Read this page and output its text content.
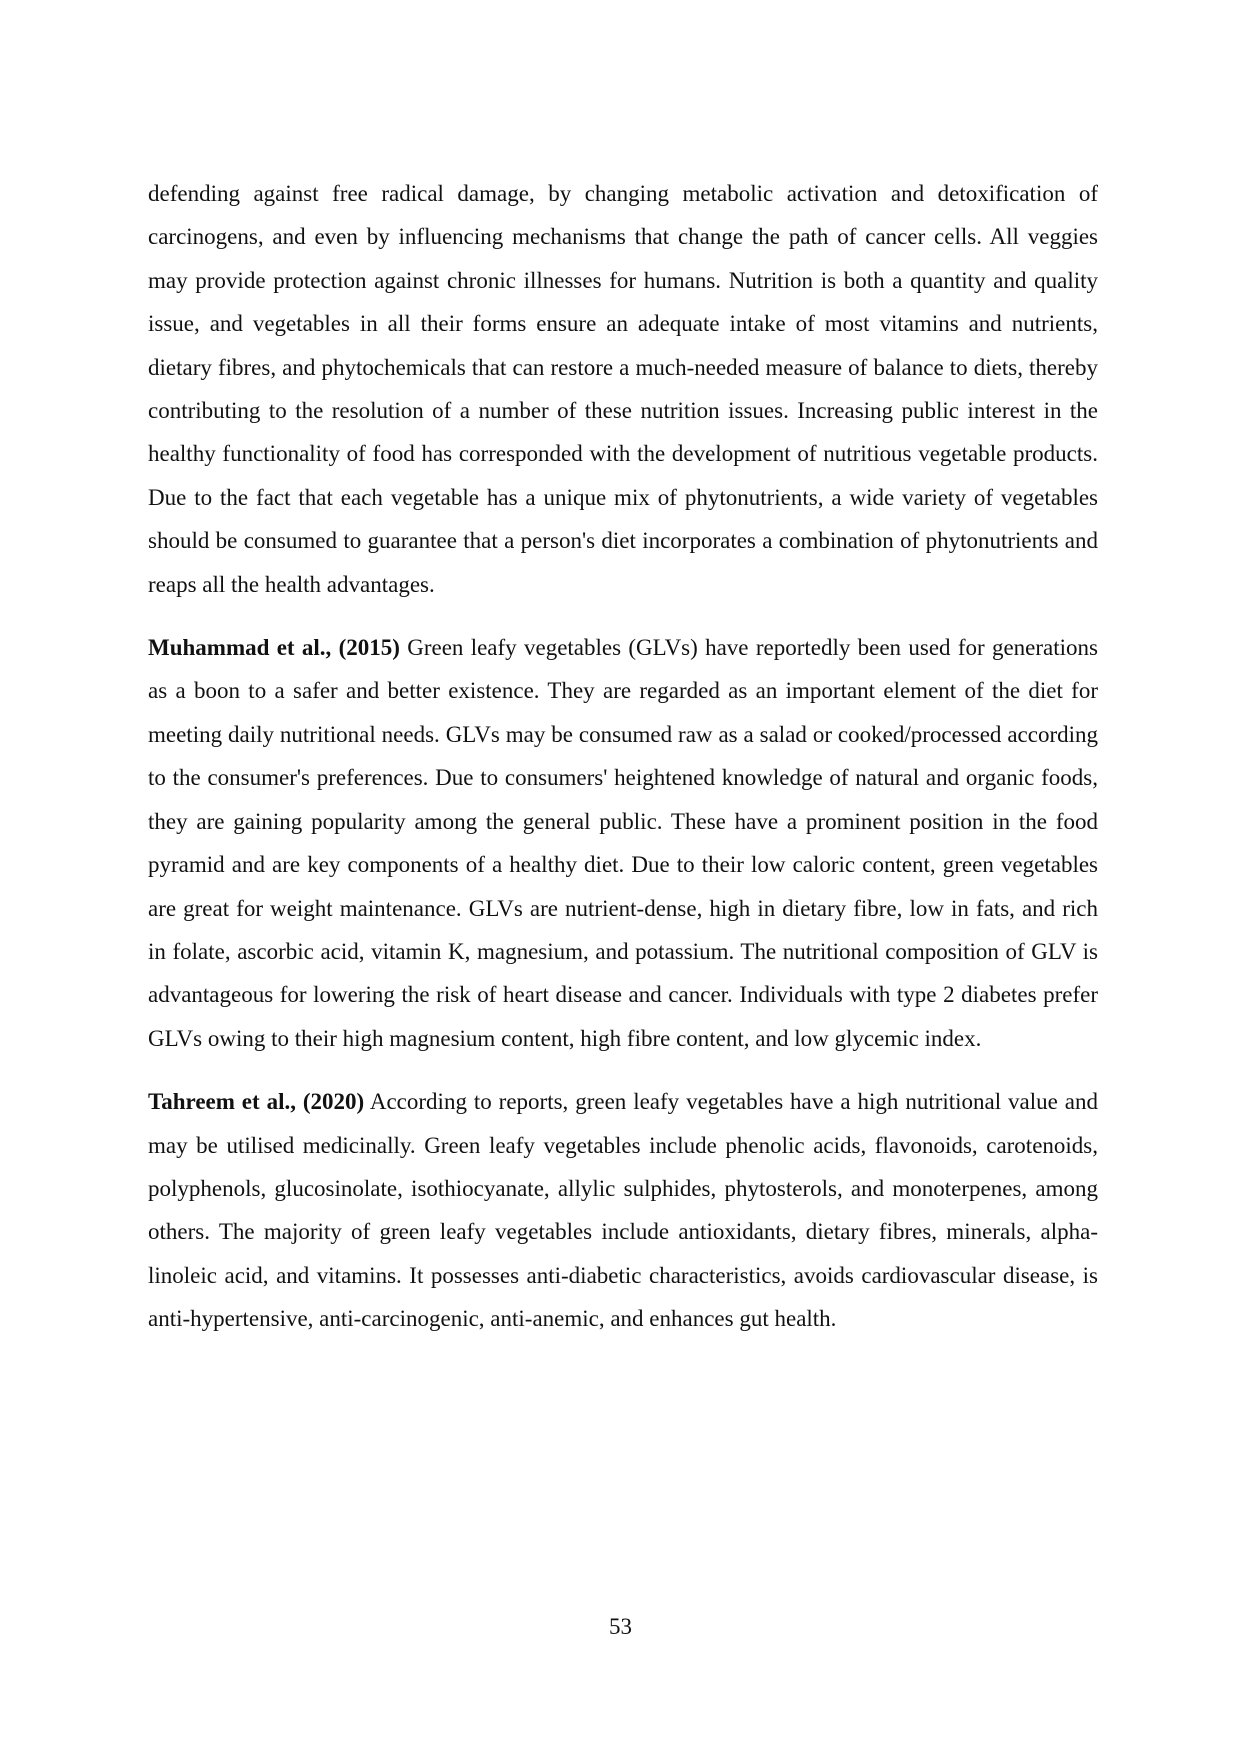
defending against free radical damage, by changing metabolic activation and detoxification of carcinogens, and even by influencing mechanisms that change the path of cancer cells. All veggies may provide protection against chronic illnesses for humans. Nutrition is both a quantity and quality issue, and vegetables in all their forms ensure an adequate intake of most vitamins and nutrients, dietary fibres, and phytochemicals that can restore a much-needed measure of balance to diets, thereby contributing to the resolution of a number of these nutrition issues. Increasing public interest in the healthy functionality of food has corresponded with the development of nutritious vegetable products. Due to the fact that each vegetable has a unique mix of phytonutrients, a wide variety of vegetables should be consumed to guarantee that a person's diet incorporates a combination of phytonutrients and reaps all the health advantages.

Muhammad et al., (2015) Green leafy vegetables (GLVs) have reportedly been used for generations as a boon to a safer and better existence. They are regarded as an important element of the diet for meeting daily nutritional needs. GLVs may be consumed raw as a salad or cooked/processed according to the consumer's preferences. Due to consumers' heightened knowledge of natural and organic foods, they are gaining popularity among the general public. These have a prominent position in the food pyramid and are key components of a healthy diet. Due to their low caloric content, green vegetables are great for weight maintenance. GLVs are nutrient-dense, high in dietary fibre, low in fats, and rich in folate, ascorbic acid, vitamin K, magnesium, and potassium. The nutritional composition of GLV is advantageous for lowering the risk of heart disease and cancer. Individuals with type 2 diabetes prefer GLVs owing to their high magnesium content, high fibre content, and low glycemic index.

Tahreem et al., (2020) According to reports, green leafy vegetables have a high nutritional value and may be utilised medicinally. Green leafy vegetables include phenolic acids, flavonoids, carotenoids, polyphenols, glucosinolate, isothiocyanate, allylic sulphides, phytosterols, and monoterpenes, among others. The majority of green leafy vegetables include antioxidants, dietary fibres, minerals, alpha-linoleic acid, and vitamins. It possesses anti-diabetic characteristics, avoids cardiovascular disease, is anti-hypertensive, anti-carcinogenic, anti-anemic, and enhances gut health.

53
